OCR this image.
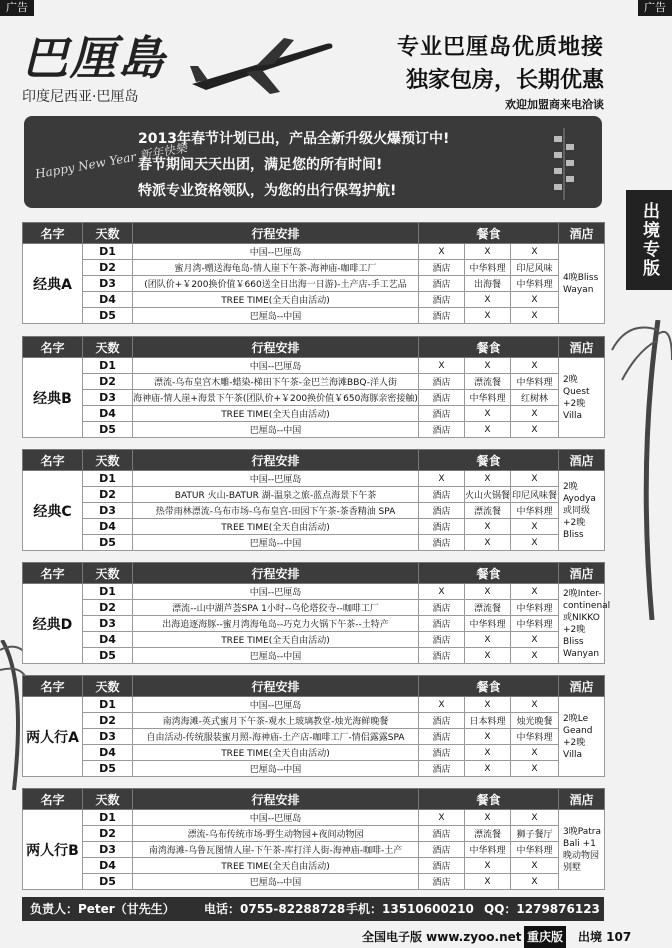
广告	广告
出境专版
巴厘島
印度尼西亚·巴厘岛
专业巴厘岛优质地接
独家包房，长期优惠
欢迎加盟商来电洽谈
Happy New Year 新年快樂
2013年春节计划已出，产品全新升级火爆预订中!
春节期间天天出团，满足您的所有时间!
特派专业资格领队，为您的出行保驾护航!
名字	天数	行程安排	餐食			酒店
经典A	D1	中国--巴厘岛	X	X	X	4晚Bliss Wayan
	D2	蜜月湾-赠送海龟岛-情人崖下午茶-海神庙-咖啡工厂	酒店	中华料理	印尼风味	
	D3	(团队价+￥200换价值￥660送全日出海一日游)-土产店-手工艺品	酒店	出海餐	中华料理	
	D4	TREE TIME(全天自由活动)	酒店	X	X	
	D5	巴厘岛--中国	酒店	X	X	
名字	天数	行程安排	餐食			酒店
经典B	D1	中国--巴厘岛	X	X	X	2晚Quest +2晚Villa
	D2	漂流-乌布皇宫木雕-蜡染-梯田下午茶-金巴兰海滩BBQ-洋人街	酒店	漂流餐	中华料理	
	D3	海神庙-情人崖+海景下午茶(团队价+￥200换价值￥650海豚亲密接触)	酒店	中华料理	红树林	
	D4	TREE TIME(全天自由活动)	酒店	X	X	
	D5	巴厘岛--中国	酒店	X	X	
名字	天数	行程安排	餐食			酒店
经典C	D1	中国--巴厘岛	X	X	X	2晚Ayodya 或同级 +2晚Bliss
	D2	BATUR 火山-BATUR 湖-温泉之旅-蓝点海景下午茶	酒店	火山火锅餐	印尼风味餐	
	D3	热带雨林漂流-乌布市场-乌布皇宫-田园下午茶-茶香精油 SPA	酒店	漂流餐	中华料理	
	D4	TREE TIME(全天自由活动)	酒店	X	X	
	D5	巴厘岛--中国	酒店	X	X	
名字	天数	行程安排	餐食			酒店
经典D	D1	中国--巴厘岛	X	X	X	2晚Inter-continenal 或NIKKO +2晚Bliss Wanyan
	D2	漂流--山中湖芦荟SPA 1小时--乌伦塔狡寺--咖啡工厂	酒店	漂流餐	中华料理	
	D3	出海追逐海豚--蜜月湾海龟岛--巧克力火锅下午茶--土特产	酒店	中华料理	中华料理	
	D4	TREE TIME(全天自由活动)	酒店	X	X	
	D5	巴厘岛--中国	酒店	X	X	
名字	天数	行程安排	餐食			酒店
两人行A	D1	中国--巴厘岛	X	X	X	2晚Le Geand +2晚Villa
	D2	南湾海滩-英式蜜月下午茶-观水上玻璃教堂-烛光海鲜晚餐	酒店	日本料理	烛光晚餐	
	D3	自由活动-传统服装蜜月照-海神庙-土产店-咖啡工厂-情侣露露SPA	酒店	X	中华料理	
	D4	TREE TIME(全天自由活动)	酒店	X	X	
	D5	巴厘岛--中国	酒店	X	X	
名字	天数	行程安排	餐食			酒店
两人行B	D1	中国--巴厘岛	X	X	X	3晚Patra Bali +1晚动物园别墅
	D2	漂流-乌布传统市场-野生动物园+夜间动物园	酒店	漂流餐	狮子餐厅	
	D3	南湾海滩-乌鲁瓦图情人崖-下午茶-库打洋人街-海神庙-咖啡-土产	酒店	中华料理	中华料理	
	D4	TREE TIME(全天自由活动)	酒店	X	X	
	D5	巴厘岛--中国	酒店	X	X	
负责人：Peter（甘先生） 电话：0755-82288728 手机：13510600210 QQ：1279876123
全国电子版 www.zyoo.net 重庆版 出境 107
